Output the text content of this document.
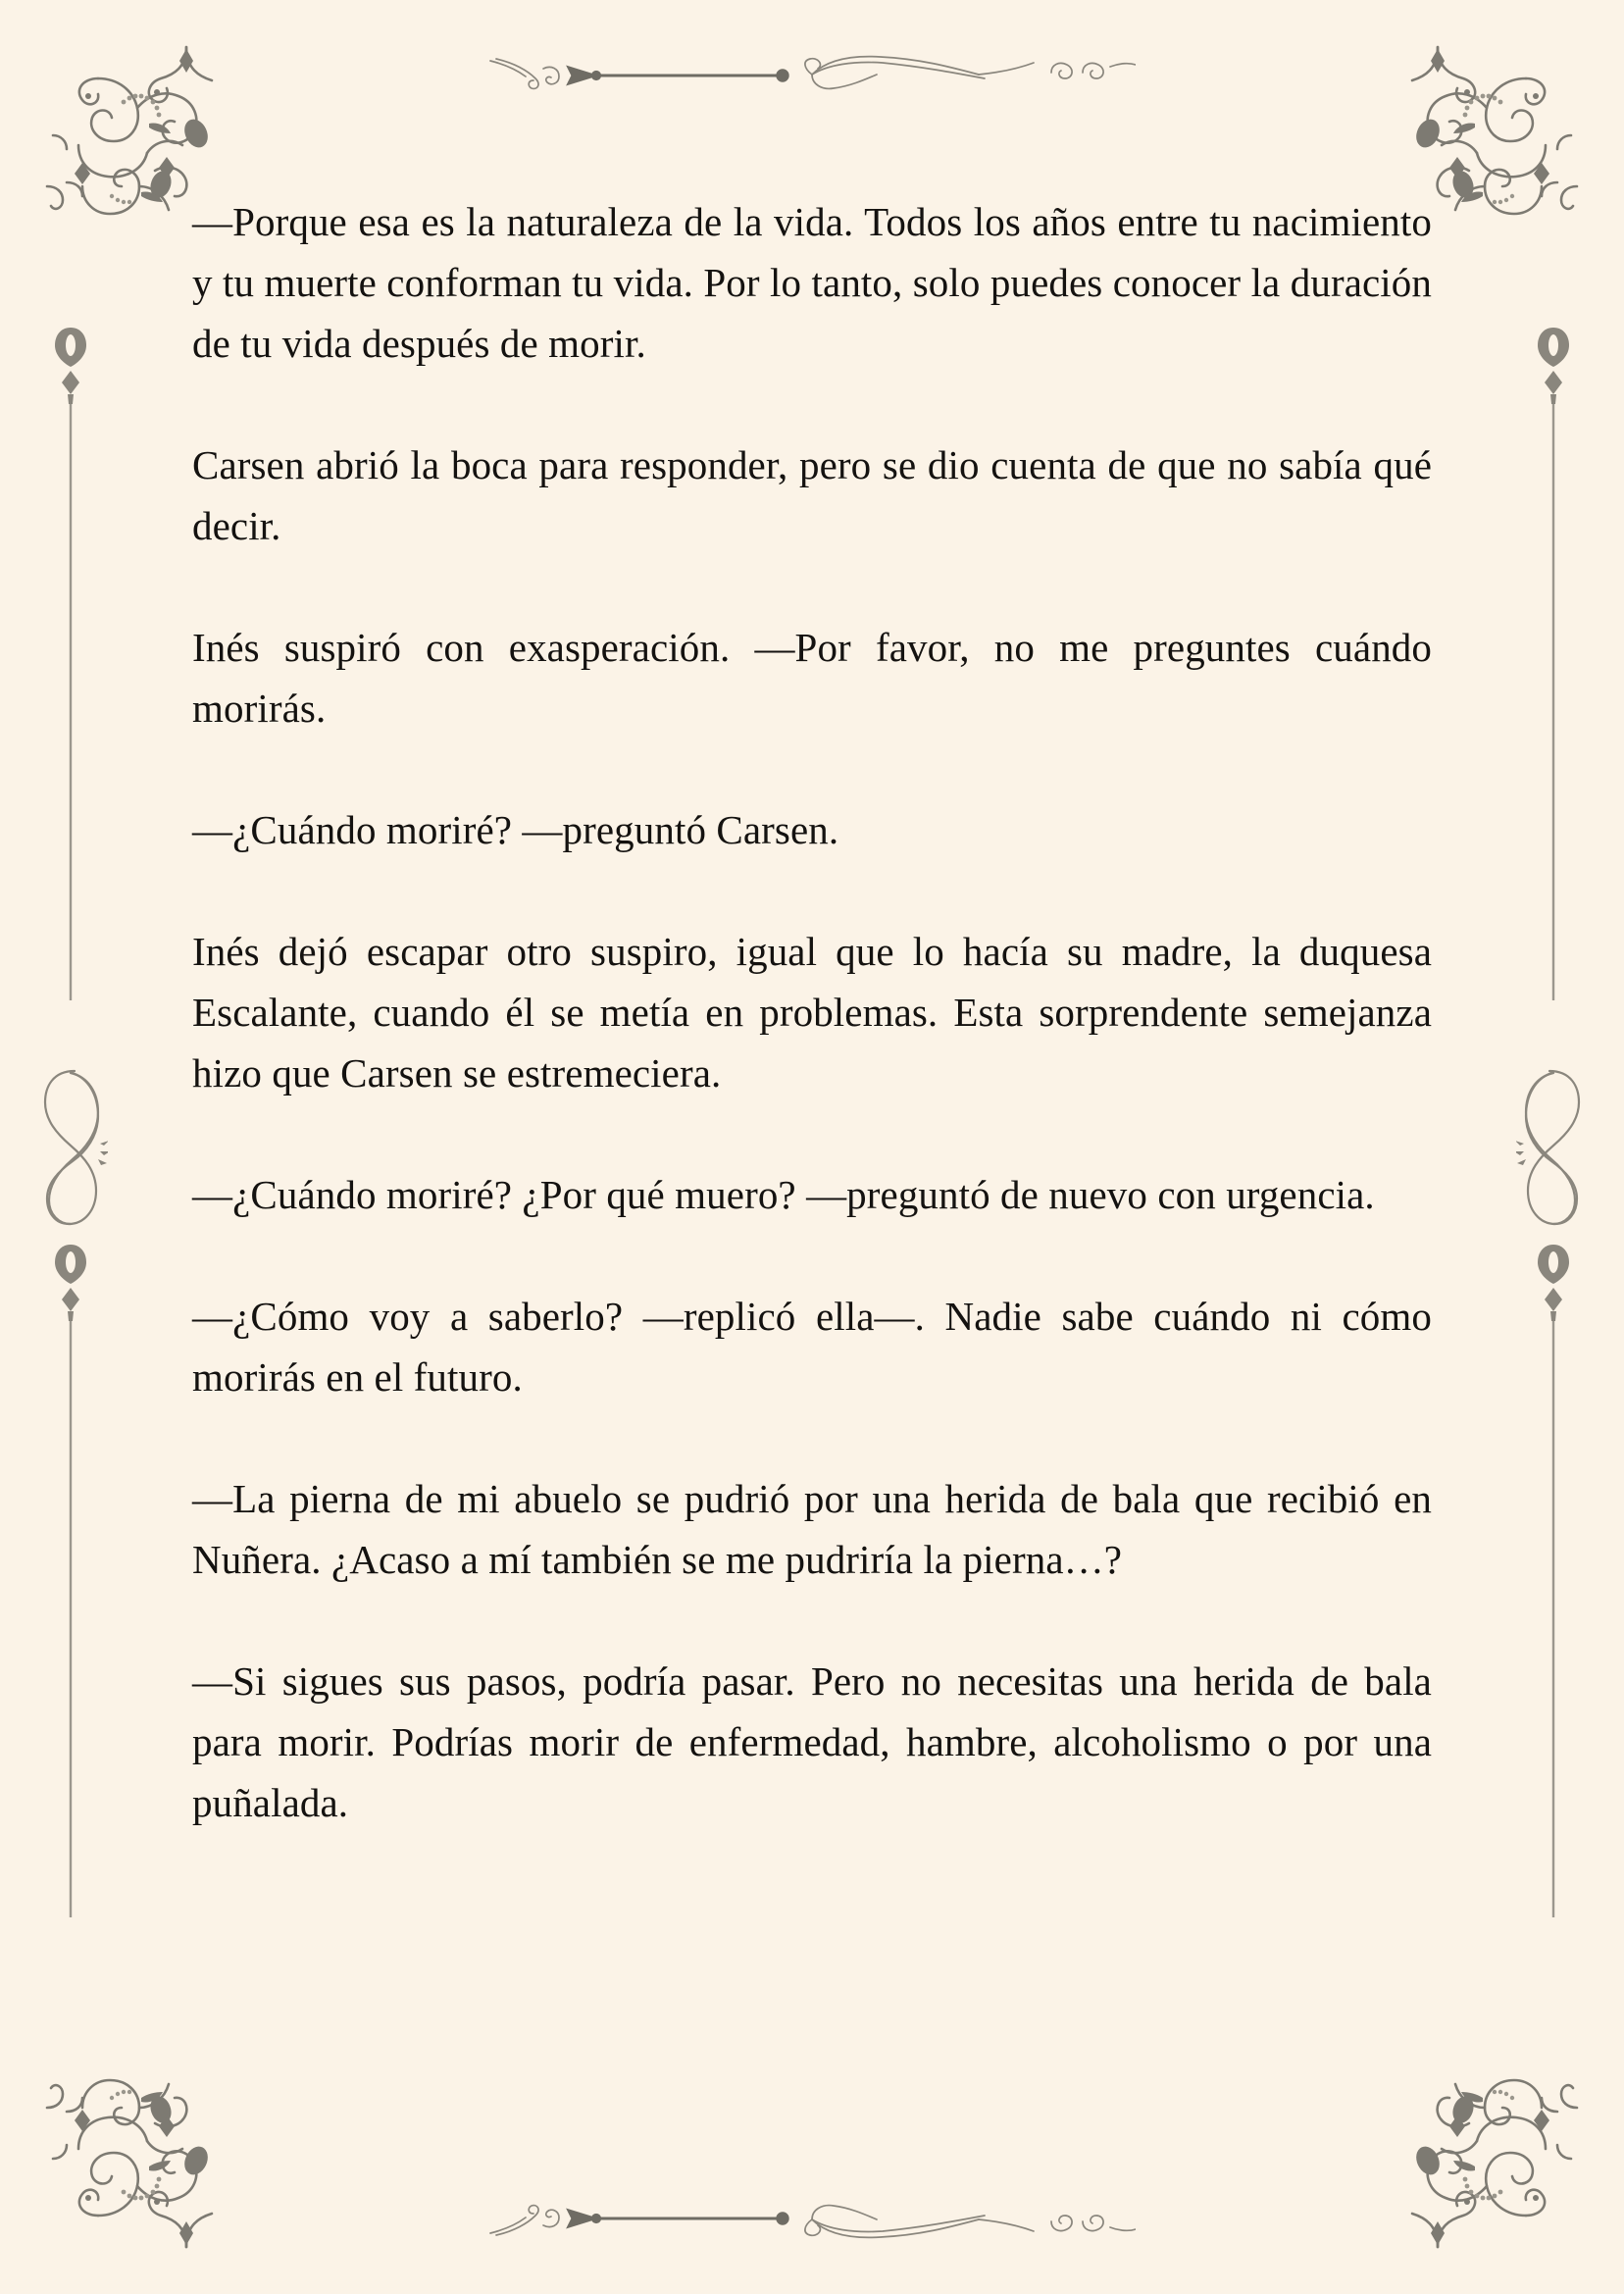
—Porque esa es la naturaleza de la vida. Todos los años entre tu nacimiento y tu muerte conforman tu vida. Por lo tanto, solo puedes conocer la duración de tu vida después de morir.

Carsen abrió la boca para responder, pero se dio cuenta de que no sabía qué decir.

Inés suspiró con exasperación. —Por favor, no me preguntes cuándo morirás.

—¿Cuándo moriré? —preguntó Carsen.

Inés dejó escapar otro suspiro, igual que lo hacía su madre, la duquesa Escalante, cuando él se metía en problemas. Esta sorprendente semejanza hizo que Carsen se estremeciera.

—¿Cuándo moriré? ¿Por qué muero? —preguntó de nuevo con urgencia.

—¿Cómo voy a saberlo? —replicó ella—. Nadie sabe cuándo ni cómo morirás en el futuro.

—La pierna de mi abuelo se pudrió por una herida de bala que recibió en Nuñera. ¿Acaso a mí también se me pudriría la pierna…?

—Si sigues sus pasos, podría pasar. Pero no necesitas una herida de bala para morir. Podrías morir de enfermedad, hambre, alcoholismo o por una puñalada.
